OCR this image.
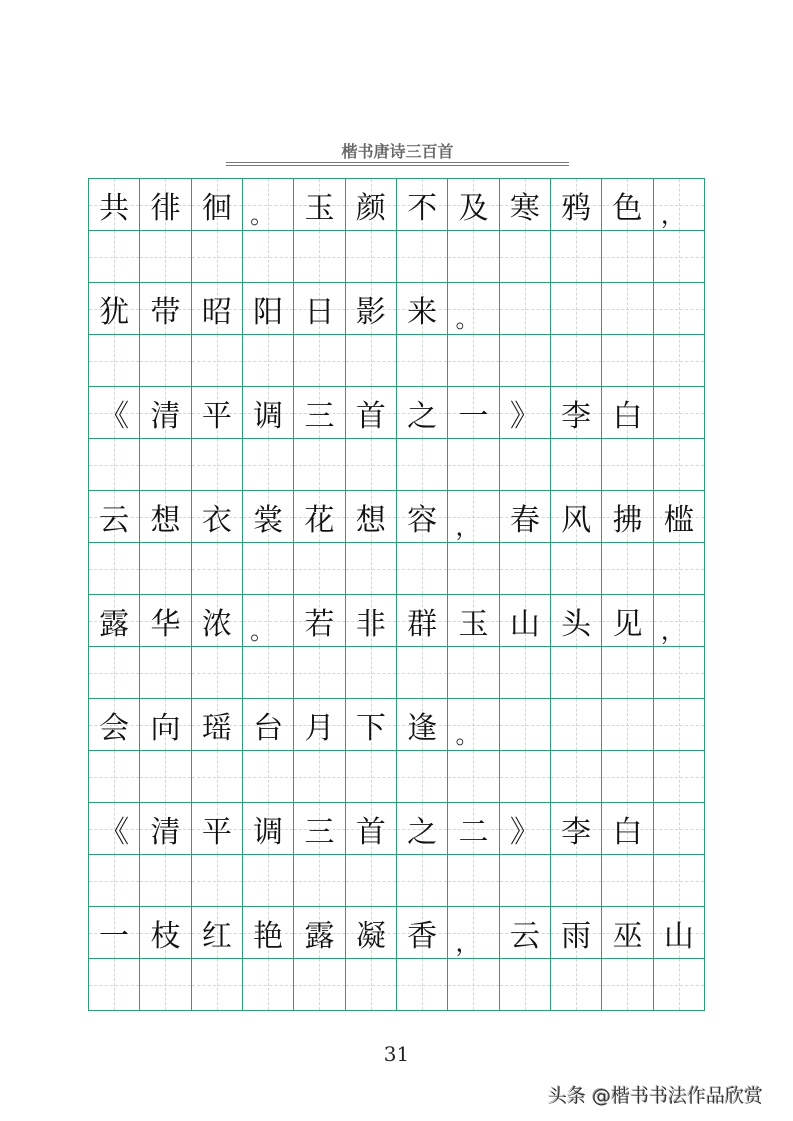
楷书唐诗三百首
共 徘 徊 。 玉 颜 不 及 寒 鸦 色 ，
犹 带 昭 阳 日 影 来 。
《 清 平 调 三 首 之 一 》 李 白
云 想 衣 裳 花 想 容 ， 春 风 拂 槛
露 华 浓 。 若 非 群 玉 山 头 见 ，
会 向 瑶 台 月 下 逢 。
《 清 平 调 三 首 之 二 》 李 白
一 枝 红 艳 露 凝 香 ， 云 雨 巫 山
31
头条 @楷书书法作品欣赏
